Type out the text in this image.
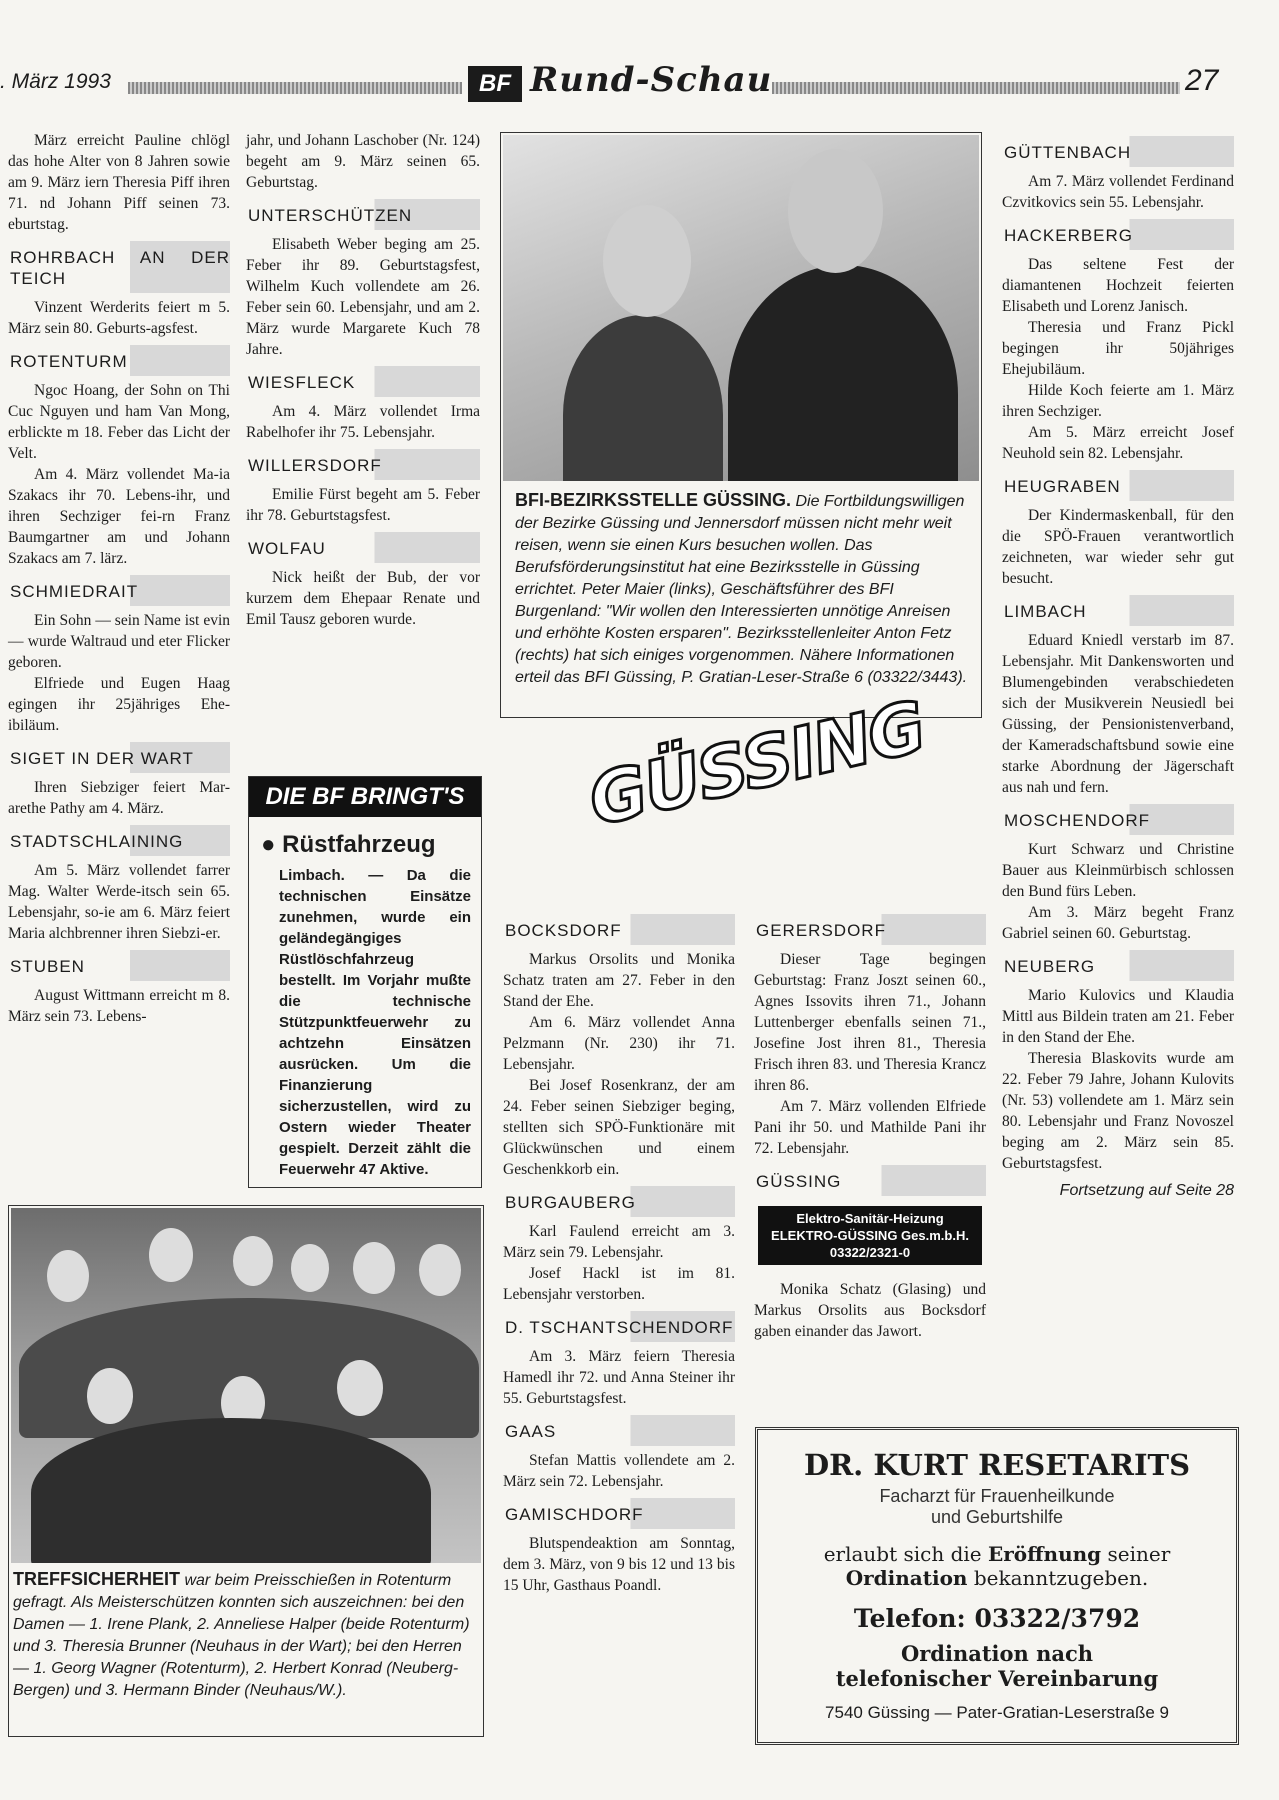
. März 1993	BF Rund-Schau	27

März erreicht Pauline chlögl das hohe Alter von 8 Jahren sowie am 9. März iern Theresia Piff ihren 71. nd Johann Piff seinen 73. eburtstag.

ROHRBACH AN DER TEICH

Vinzent Werderits feiert m 5. März sein 80. Geburts-agsfest.

ROTENTURM

Ngoc Hoang, der Sohn on Thi Cuc Nguyen und ham Van Mong, erblickte m 18. Feber das Licht der Velt.

Am 4. März vollendet Ma-ia Szakacs ihr 70. Lebens-ihr, und ihren Sechziger fei-rn Franz Baumgartner am und Johann Szakacs am 7. lärz.

SCHMIEDRAIT

Ein Sohn — sein Name ist evin — wurde Waltraud und eter Flicker geboren.

Elfriede und Eugen Haag egingen ihr 25jähriges Ehe-ibiläum.

SIGET IN DER WART

Ihren Siebziger feiert Mar-arethe Pathy am 4. März.

STADTSCHLAINING

Am 5. März vollendet farrer Mag. Walter Werde-itsch sein 65. Lebensjahr, so-ie am 6. März feiert Maria alchbrenner ihren Siebzi-er.

STUBEN

August Wittmann erreicht m 8. März sein 73. Lebens-

jahr, und Johann Laschober (Nr. 124) begeht am 9. März seinen 65. Geburtstag.

UNTERSCHÜTZEN

Elisabeth Weber beging am 25. Feber ihr 89. Geburtstagsfest, Wilhelm Kuch vollendete am 26. Feber sein 60. Lebensjahr, und am 2. März wurde Margarete Kuch 78 Jahre.

WIESFLECK

Am 4. März vollendet Irma Rabelhofer ihr 75. Lebensjahr.

WILLERSDORF

Emilie Fürst begeht am 5. Feber ihr 78. Geburtstagsfest.

WOLFAU

Nick heißt der Bub, der vor kurzem dem Ehepaar Renate und Emil Tausz geboren wurde.

DIE BF BRINGT'S
● Rüstfahrzeug
Limbach. — Da die technischen Einsätze zunehmen, wurde ein geländegängiges Rüstlöschfahrzeug bestellt. Im Vorjahr mußte die technische Stützpunktfeuerwehr zu achtzehn Einsätzen ausrücken. Um die Finanzierung sicherzustellen, wird zu Ostern wieder Theater gespielt. Derzeit zählt die Feuerwehr 47 Aktive.
BFI-BEZIRKSSTELLE GÜSSING. Die Fortbildungswilligen der Bezirke Güssing und Jennersdorf müssen nicht mehr weit reisen, wenn sie einen Kurs besuchen wollen. Das Berufsförderungsinstitut hat eine Bezirksstelle in Güssing errichtet. Peter Maier (links), Geschäftsführer des BFI Burgenland: "Wir wollen den Interessierten unnötige Anreisen und erhöhte Kosten ersparen". Bezirksstellenleiter Anton Fetz (rechts) hat sich einiges vorgenommen. Nähere Informationen erteil das BFI Güssing, P. Gratian-Leser-Straße 6 (03322/3443).
TREFFSICHERHEIT war beim Preisschießen in Rotenturm gefragt. Als Meisterschützen konnten sich auszeichnen: bei den Damen — 1. Irene Plank, 2. Anneliese Halper (beide Rotenturm) und 3. Theresia Brunner (Neuhaus in der Wart); bei den Herren — 1. Georg Wagner (Rotenturm), 2. Herbert Konrad (Neuberg-Bergen) und 3. Hermann Binder (Neuhaus/W.).
GÜSSING
BOCKSDORF

Markus Orsolits und Monika Schatz traten am 27. Feber in den Stand der Ehe.

Am 6. März vollendet Anna Pelzmann (Nr. 230) ihr 71. Lebensjahr.

Bei Josef Rosenkranz, der am 24. Feber seinen Siebziger beging, stellten sich SPÖ-Funktionäre mit Glückwünschen und einem Geschenkkorb ein.

BURGAUBERG

Karl Faulend erreicht am 3. März sein 79. Lebensjahr.

Josef Hackl ist im 81. Lebensjahr verstorben.

D. TSCHANTSCHENDORF

Am 3. März feiern Theresia Hamedl ihr 72. und Anna Steiner ihr 55. Geburtstagsfest.

GAAS

Stefan Mattis vollendete am 2. März sein 72. Lebensjahr.

GAMISCHDORF

Blutspendeaktion am Sonntag, dem 3. März, von 9 bis 12 und 13 bis 15 Uhr, Gasthaus Poandl.

GERERSDORF

Dieser Tage begingen Geburtstag: Franz Joszt seinen 60., Agnes Issovits ihren 71., Johann Luttenberger ebenfalls seinen 71., Josefine Jost ihren 81., Theresia Frisch ihren 83. und Theresia Krancz ihren 86.

Am 7. März vollenden Elfriede Pani ihr 50. und Mathilde Pani ihr 72. Lebensjahr.

GÜSSING
Elektro-Sanitär-Heizung
ELEKTRO-GÜSSING Ges.m.b.H.
03322/2321-0

Monika Schatz (Glasing) und Markus Orsolits aus Bocksdorf gaben einander das Jawort.

GÜTTENBACH

Am 7. März vollendet Ferdinand Czvitkovics sein 55. Lebensjahr.

HACKERBERG

Das seltene Fest der diamantenen Hochzeit feierten Elisabeth und Lorenz Janisch.

Theresia und Franz Pickl begingen ihr 50jähriges Ehejubiläum.

Hilde Koch feierte am 1. März ihren Sechziger.

Am 5. März erreicht Josef Neuhold sein 82. Lebensjahr.

HEUGRABEN

Der Kindermaskenball, für den die SPÖ-Frauen verantwortlich zeichneten, war wieder sehr gut besucht.

LIMBACH

Eduard Kniedl verstarb im 87. Lebensjahr. Mit Dankensworten und Blumengebinden verabschiedeten sich der Musikverein Neusiedl bei Güssing, der Pensionistenverband, der Kameradschaftsbund sowie eine starke Abordnung der Jägerschaft aus nah und fern.

MOSCHENDORF

Kurt Schwarz und Christine Bauer aus Kleinmürbisch schlossen den Bund fürs Leben.

Am 3. März begeht Franz Gabriel seinen 60. Geburtstag.

NEUBERG

Mario Kulovics und Klaudia Mittl aus Bildein traten am 21. Feber in den Stand der Ehe.

Theresia Blaskovits wurde am 22. Feber 79 Jahre, Johann Kulovits (Nr. 53) vollendete am 1. März sein 80. Lebensjahr und Franz Novoszel beging am 2. März sein 85. Geburtstagsfest.

Fortsetzung auf Seite 28
DR. KURT RESETARITS
Facharzt für Frauenheilkunde
und Geburtshilfe
erlaubt sich die Eröffnung seiner
Ordination bekanntzugeben.
Telefon: 03322/3792
Ordination nach
telefonischer Vereinbarung
7540 Güssing — Pater-Gratian-Leserstraße 9
